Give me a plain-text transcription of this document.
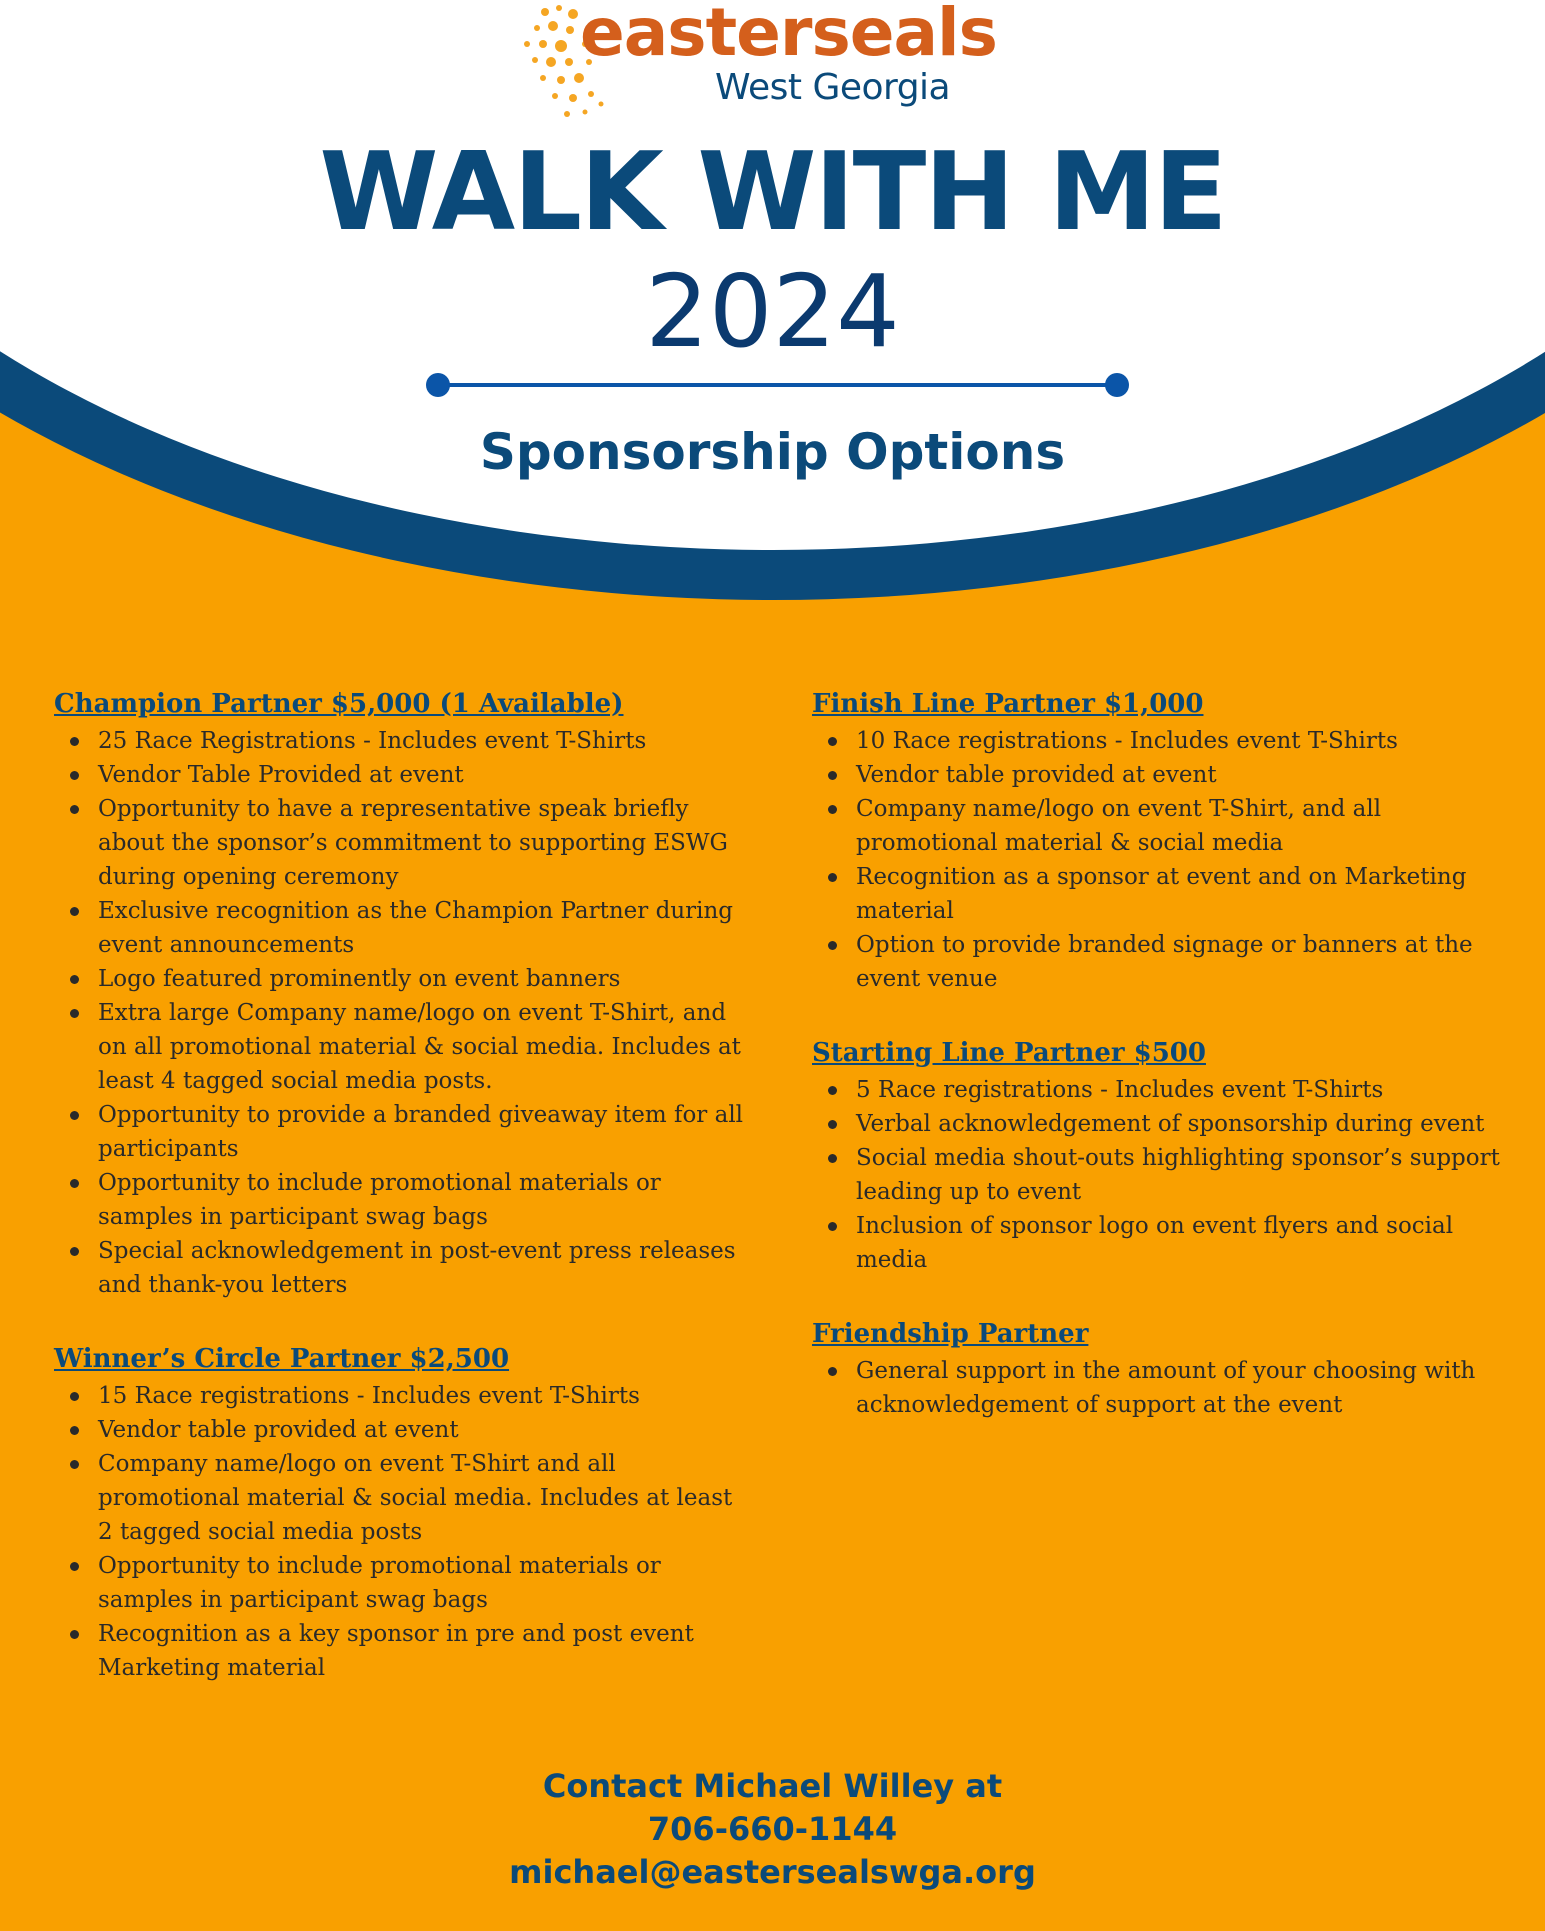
easterseals
West Georgia
WALK WITH ME
2024
Sponsorship Options
Champion Partner $5,000 (1 Available)
25 Race Registrations - Includes event T-Shirts
Vendor Table Provided at event
Opportunity to have a representative speak briefly about the sponsor’s commitment to supporting ESWG during opening ceremony
Exclusive recognition as the Champion Partner during event announcements
Logo featured prominently on event banners
Extra large Company name/logo on event T-Shirt, and on all promotional material & social media. Includes at least 4 tagged social media posts.
Opportunity to provide a branded giveaway item for all participants
Opportunity to include promotional materials or samples in participant swag bags
Special acknowledgement in post-event press releases and thank-you letters
Winner’s Circle Partner $2,500
15 Race registrations - Includes event T-Shirts
Vendor table provided at event
Company name/logo on event T-Shirt and all promotional material & social media. Includes at least 2 tagged social media posts
Opportunity to include promotional materials or samples in participant swag bags
Recognition as a key sponsor in pre and post event Marketing material
Finish Line Partner $1,000
10 Race registrations - Includes event T-Shirts
Vendor table provided at event
Company name/logo on event T-Shirt, and all promotional material & social media
Recognition as a sponsor at event and on Marketing material
Option to provide branded signage or banners at the event venue
Starting Line Partner $500
5 Race registrations - Includes event T-Shirts
Verbal acknowledgement of sponsorship during event
Social media shout-outs highlighting sponsor’s support leading up to event
Inclusion of sponsor logo on event flyers and social media
Friendship Partner
General support in the amount of your choosing with acknowledgement of support at the event
Contact Michael Willey at
706-660-1144
michael@eastersealswga.org
